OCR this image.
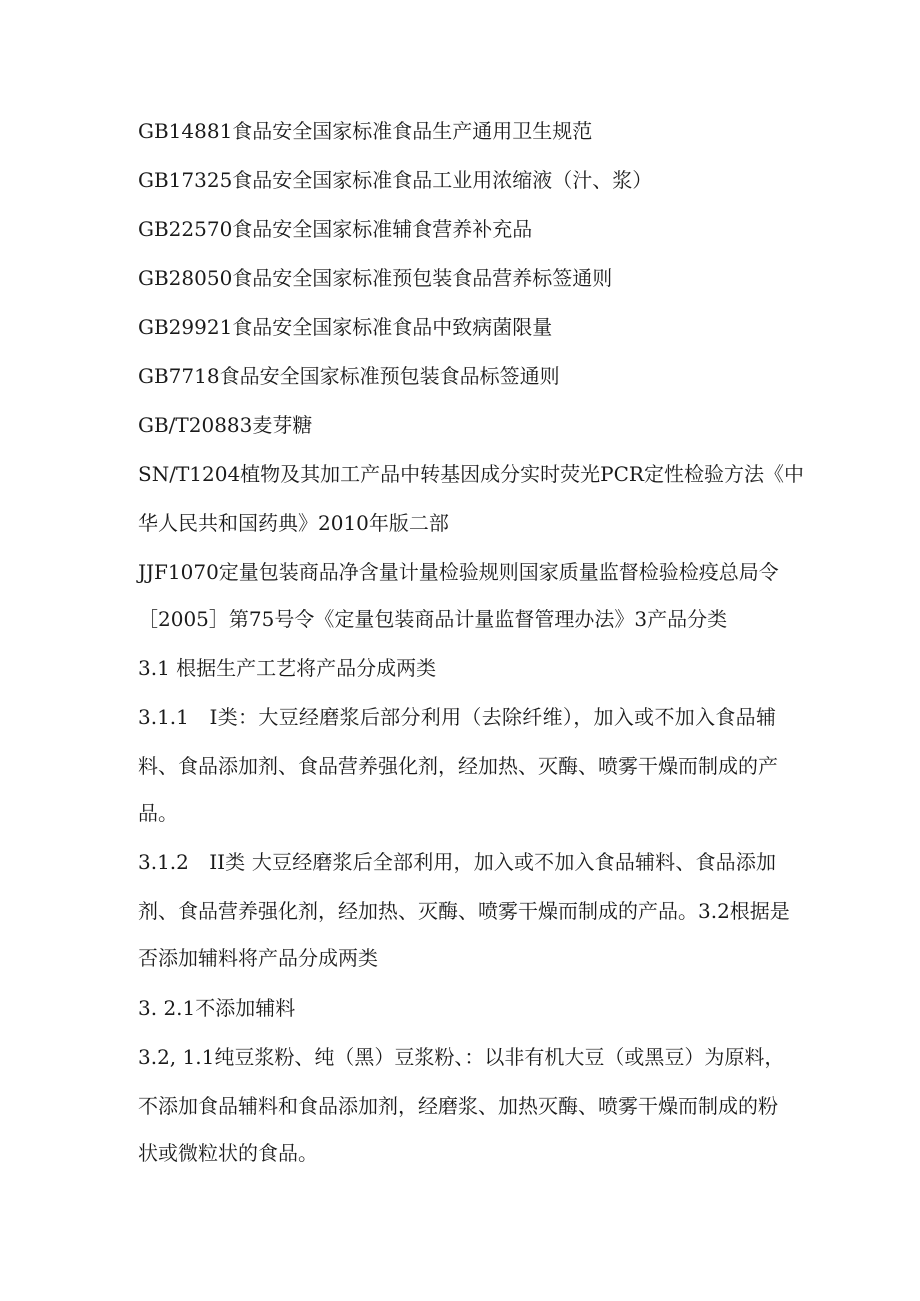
GB14881食品安全国家标准食品生产通用卫生规范

GB17325食品安全国家标准食品工业用浓缩液（汁、浆）

GB22570食品安全国家标准辅食营养补充品

GB28050食品安全国家标准预包装食品营养标签通则

GB29921食品安全国家标准食品中致病菌限量

GB7718食品安全国家标准预包装食品标签通则

GB/T20883麦芽糖

SN/T1204植物及其加工产品中转基因成分实时荧光PCR定性检验方法《中

华人民共和国药典》2010年版二部

JJF1070定量包装商品净含量计量检验规则国家质量监督检验检疫总局令

［2005］第75号令《定量包装商品计量监督管理办法》3产品分类

3.1 根据生产工艺将产品分成两类

3.1.1　I类：大豆经磨浆后部分利用（去除纤维），加入或不加入食品辅

料、食品添加剂、食品营养强化剂，经加热、灭酶、喷雾干燥而制成的产

品。

3.1.2　II类 大豆经磨浆后全部利用，加入或不加入食品辅料、食品添加

剂、食品营养强化剂，经加热、灭酶、喷雾干燥而制成的产品。3.2根据是

否添加辅料将产品分成两类

3. 2.1不添加辅料

3.2, 1.1纯豆浆粉、纯（黑）豆浆粉、：以非有机大豆（或黑豆）为原料，

不添加食品辅料和食品添加剂，经磨浆、加热灭酶、喷雾干燥而制成的粉

状或微粒状的食品。
